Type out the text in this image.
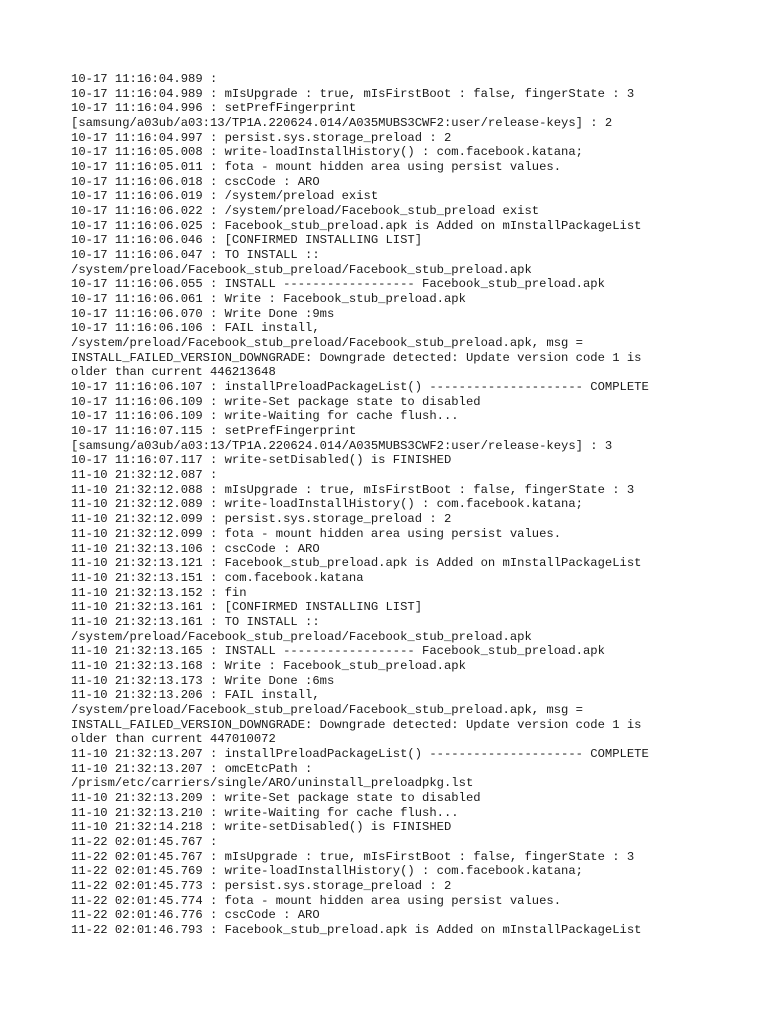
10-17 11:16:04.989 :
10-17 11:16:04.989 : mIsUpgrade : true, mIsFirstBoot : false, fingerState : 3
10-17 11:16:04.996 : setPrefFingerprint
[samsung/a03ub/a03:13/TP1A.220624.014/A035MUBS3CWF2:user/release-keys] : 2
10-17 11:16:04.997 : persist.sys.storage_preload : 2
10-17 11:16:05.008 : write-loadInstallHistory() : com.facebook.katana;
10-17 11:16:05.011 : fota - mount hidden area using persist values.
10-17 11:16:06.018 : cscCode : ARO
10-17 11:16:06.019 : /system/preload exist
10-17 11:16:06.022 : /system/preload/Facebook_stub_preload exist
10-17 11:16:06.025 : Facebook_stub_preload.apk is Added on mInstallPackageList
10-17 11:16:06.046 : [CONFIRMED INSTALLING LIST]
10-17 11:16:06.047 : TO INSTALL ::
/system/preload/Facebook_stub_preload/Facebook_stub_preload.apk
10-17 11:16:06.055 : INSTALL ------------------ Facebook_stub_preload.apk
10-17 11:16:06.061 : Write : Facebook_stub_preload.apk
10-17 11:16:06.070 : Write Done :9ms
10-17 11:16:06.106 : FAIL install,
/system/preload/Facebook_stub_preload/Facebook_stub_preload.apk, msg =
INSTALL_FAILED_VERSION_DOWNGRADE: Downgrade detected: Update version code 1 is
older than current 446213648
10-17 11:16:06.107 : installPreloadPackageList() --------------------- COMPLETE
10-17 11:16:06.109 : write-Set package state to disabled
10-17 11:16:06.109 : write-Waiting for cache flush...
10-17 11:16:07.115 : setPrefFingerprint
[samsung/a03ub/a03:13/TP1A.220624.014/A035MUBS3CWF2:user/release-keys] : 3
10-17 11:16:07.117 : write-setDisabled() is FINISHED
11-10 21:32:12.087 :
11-10 21:32:12.088 : mIsUpgrade : true, mIsFirstBoot : false, fingerState : 3
11-10 21:32:12.089 : write-loadInstallHistory() : com.facebook.katana;
11-10 21:32:12.099 : persist.sys.storage_preload : 2
11-10 21:32:12.099 : fota - mount hidden area using persist values.
11-10 21:32:13.106 : cscCode : ARO
11-10 21:32:13.121 : Facebook_stub_preload.apk is Added on mInstallPackageList
11-10 21:32:13.151 : com.facebook.katana
11-10 21:32:13.152 : fin
11-10 21:32:13.161 : [CONFIRMED INSTALLING LIST]
11-10 21:32:13.161 : TO INSTALL ::
/system/preload/Facebook_stub_preload/Facebook_stub_preload.apk
11-10 21:32:13.165 : INSTALL ------------------ Facebook_stub_preload.apk
11-10 21:32:13.168 : Write : Facebook_stub_preload.apk
11-10 21:32:13.173 : Write Done :6ms
11-10 21:32:13.206 : FAIL install,
/system/preload/Facebook_stub_preload/Facebook_stub_preload.apk, msg =
INSTALL_FAILED_VERSION_DOWNGRADE: Downgrade detected: Update version code 1 is
older than current 447010072
11-10 21:32:13.207 : installPreloadPackageList() --------------------- COMPLETE
11-10 21:32:13.207 : omcEtcPath :
/prism/etc/carriers/single/ARO/uninstall_preloadpkg.lst
11-10 21:32:13.209 : write-Set package state to disabled
11-10 21:32:13.210 : write-Waiting for cache flush...
11-10 21:32:14.218 : write-setDisabled() is FINISHED
11-22 02:01:45.767 :
11-22 02:01:45.767 : mIsUpgrade : true, mIsFirstBoot : false, fingerState : 3
11-22 02:01:45.769 : write-loadInstallHistory() : com.facebook.katana;
11-22 02:01:45.773 : persist.sys.storage_preload : 2
11-22 02:01:45.774 : fota - mount hidden area using persist values.
11-22 02:01:46.776 : cscCode : ARO
11-22 02:01:46.793 : Facebook_stub_preload.apk is Added on mInstallPackageList
